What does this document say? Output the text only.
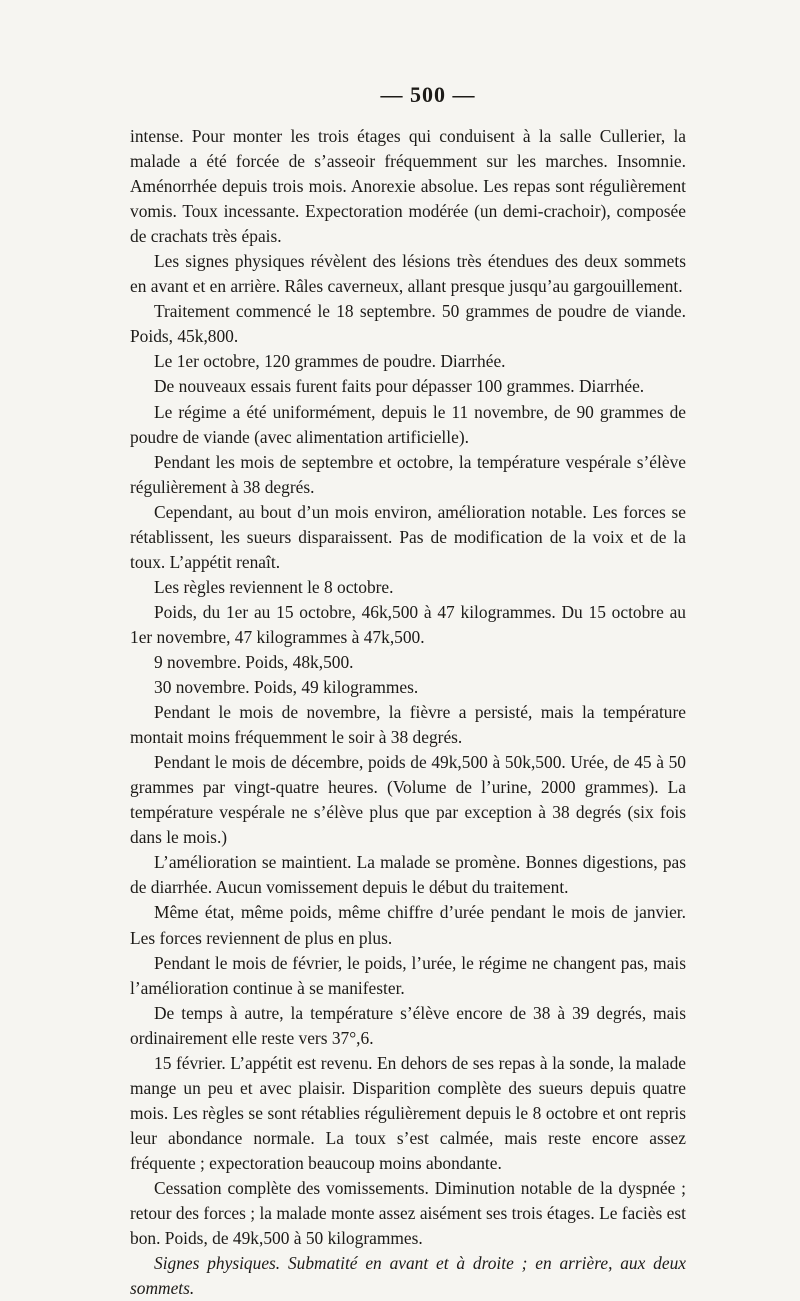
— 500 —

intense. Pour monter les trois étages qui conduisent à la salle Cullerier, la malade a été forcée de s’asseoir fréquemment sur les marches. Insomnie. Aménorrhée depuis trois mois. Anorexie absolue. Les repas sont régulièrement vomis. Toux incessante. Expectoration modérée (un demi-crachoir), composée de crachats très épais.

Les signes physiques révèlent des lésions très étendues des deux sommets en avant et en arrière. Râles caverneux, allant presque jusqu’au gargouillement.

Traitement commencé le 18 septembre. 50 grammes de poudre de viande. Poids, 45k,800.

Le 1er octobre, 120 grammes de poudre. Diarrhée.

De nouveaux essais furent faits pour dépasser 100 grammes. Diarrhée.

Le régime a été uniformément, depuis le 11 novembre, de 90 grammes de poudre de viande (avec alimentation artificielle).

Pendant les mois de septembre et octobre, la température vespérale s’élève régulièrement à 38 degrés.

Cependant, au bout d’un mois environ, amélioration notable. Les forces se rétablissent, les sueurs disparaissent. Pas de modification de la voix et de la toux. L’appétit renaît.

Les règles reviennent le 8 octobre.

Poids, du 1er au 15 octobre, 46k,500 à 47 kilogrammes. Du 15 octobre au 1er novembre, 47 kilogrammes à 47k,500.

9 novembre. Poids, 48k,500.

30 novembre. Poids, 49 kilogrammes.

Pendant le mois de novembre, la fièvre a persisté, mais la température montait moins fréquemment le soir à 38 degrés.

Pendant le mois de décembre, poids de 49k,500 à 50k,500. Urée, de 45 à 50 grammes par vingt-quatre heures. (Volume de l’urine, 2000 grammes). La température vespérale ne s’élève plus que par exception à 38 degrés (six fois dans le mois.)

L’amélioration se maintient. La malade se promène. Bonnes digestions, pas de diarrhée. Aucun vomissement depuis le début du traitement.

Même état, même poids, même chiffre d’urée pendant le mois de janvier. Les forces reviennent de plus en plus.

Pendant le mois de février, le poids, l’urée, le régime ne changent pas, mais l’amélioration continue à se manifester.

De temps à autre, la température s’élève encore de 38 à 39 degrés, mais ordinairement elle reste vers 37°,6.

15 février. L’appétit est revenu. En dehors de ses repas à la sonde, la malade mange un peu et avec plaisir. Disparition complète des sueurs depuis quatre mois. Les règles se sont rétablies régulièrement depuis le 8 octobre et ont repris leur abondance normale. La toux s’est calmée, mais reste encore assez fréquente ; expectoration beaucoup moins abondante.

Cessation complète des vomissements. Diminution notable de la dyspnée ; retour des forces ; la malade monte assez aisément ses trois étages. Le faciès est bon. Poids, de 49k,500 à 50 kilogrammes.

Signes physiques. Submatité en avant et à droite ; en arrière, aux deux sommets.
